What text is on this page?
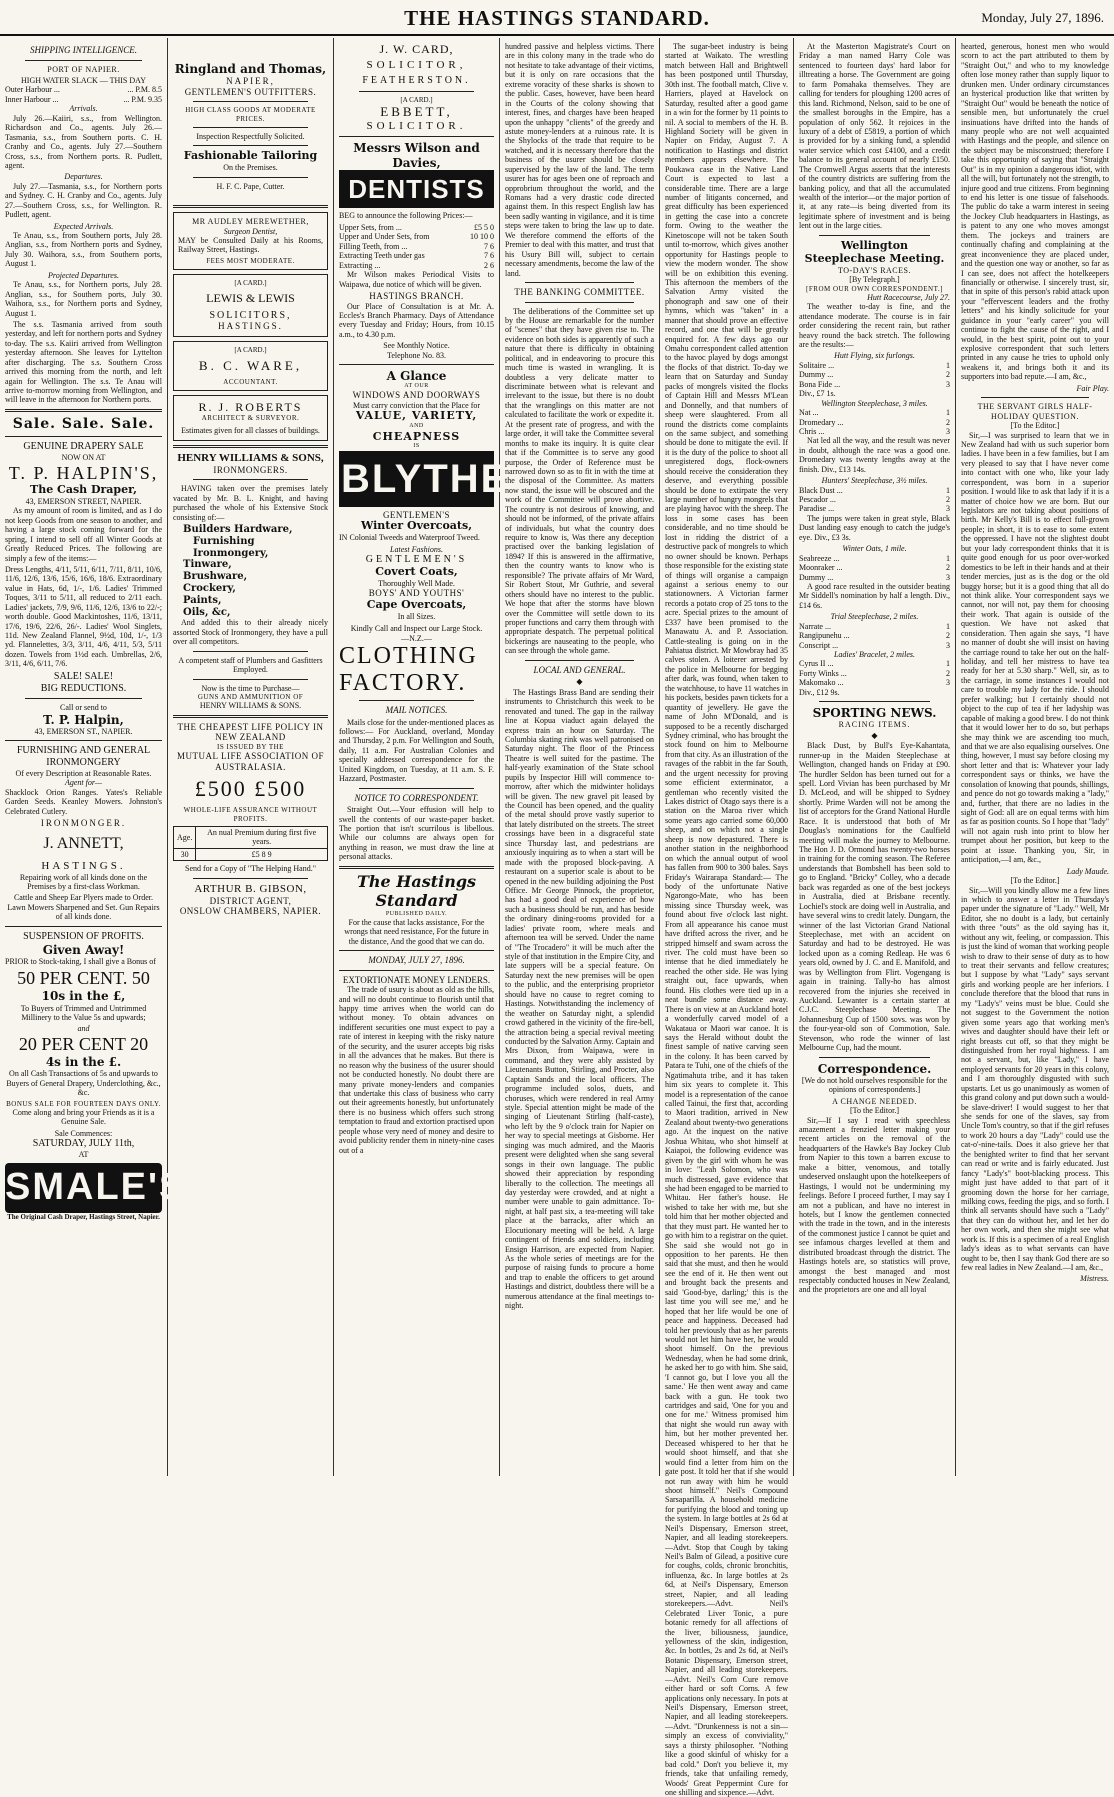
THE HASTINGS STANDARD.	Monday, July 27, 1896.
SHIPPING INTELLIGENCE.
PORT OF NAPIER.
HIGH WATER SLACK — THIS DAY
Outer Harbour ...	... P.M. 8.5
Inner Harbour ...	... P.M. 9.35
Arrivals.

July 26.—Kaiiri, s.s., from Wellington. Richardson and Co., agents. July 26.—Tasmania, s.s., from Southern ports. C. H. Cranby and Co., agents. July 27.—Southern Cross, s.s., from Northern ports. R. Pudlett, agent.

Departures.

July 27.—Tasmania, s.s., for Northern ports and Sydney. C. H. Cranby and Co., agents. July 27.—Southern Cross, s.s., for Wellington. R. Pudlett, agent.

Expected Arrivals.

Te Anau, s.s., from Southern ports, July 28. Anglian, s.s., from Northern ports and Sydney, July 30. Waihora, s.s., from Southern ports, August 1.

Projected Departures.

Te Anau, s.s., for Northern ports, July 28. Anglian, s.s., for Southern ports, July 30. Waihora, s.s., for Northern ports and Sydney, August 1.

The s.s. Tasmania arrived from south yesterday, and left for northern ports and Sydney to-day. The s.s. Kaiiri arrived from Wellington yesterday afternoon. She leaves for Lyttelton after discharging. The s.s. Southern Cross arrived this morning from the north, and left again for Wellington. The s.s. Te Anau will arrive to-morrow morning from Wellington, and will leave in the afternoon for Northern ports.

Sale. Sale. Sale.
GENUINE DRAPERY SALE
NOW ON AT
T. P. HALPIN'S,
The Cash Draper,
43, EMERSON STREET, NAPIER.

As my amount of room is limited, and as I do not keep Goods from one season to another, and having a large stock coming forward for the spring, I intend to sell off all Winter Goods at Greatly Reduced Prices. The following are simply a few of the items:—

Dress Lengths, 4/11, 5/11, 6/11, 7/11, 8/11, 10/6, 11/6, 12/6, 13/6, 15/6, 16/6, 18/6. Extraordinary value in Hats, 6d, 1/-, 1/6. Ladies' Trimmed Toques, 3/11 to 5/11, all reduced to 2/11 each. Ladies' jackets, 7/9, 9/6, 11/6, 12/6, 13/6 to 22/-; worth double. Good Mackintoshes, 11/6, 13/11, 17/6, 19/6, 22/6, 26/-. Ladies' Wool Singlets, 11d. New Zealand Flannel, 9½d, 10d, 1/-, 1/3 yd. Flannelettes, 3/3, 3/11, 4/6, 4/11, 5/3, 5/11 dozen. Towels from 1½d each. Umbrellas, 2/6, 3/11, 4/6, 6/11, 7/6.

SALE! SALE!
BIG REDUCTIONS.
Call or send to
T. P. Halpin,
43, EMERSON ST., NAPIER.
FURNISHING AND GENERAL IRONMONGERY
Of every Description at Reasonable Rates.
Agent for—

Shacklock Orion Ranges. Yates's Reliable Garden Seeds. Keanley Mowers. Johnston's Celebrated Cutlery.

IRONMONGER.
J. ANNETT,
HASTINGS.

Repairing work of all kinds done on the Premises by a first-class Workman.

Cattle and Sheep Ear Plyers made to Order. Lawn Mowers Sharpened and Set. Gun Repairs of all kinds done.

SUSPENSION OF PROFITS.
Given Away!

PRIOR to Stock-taking, I shall give a Bonus of

50 PER CENT. 50
10s in the £,

To Buyers of Trimmed and Untrimmed Millinery to the Value 5s and upwards;

and
20 PER CENT 20
4s in the £.

On all Cash Transactions of 5s and upwards to Buyers of General Drapery, Underclothing, &c., &c.

BONUS SALE FOR FOURTEEN DAYS ONLY.

Come along and bring your Friends as it is a Genuine Sale.

Sale Commences:
SATURDAY, JULY 11th,
AT
SMALE'S
The Original Cash Draper, Hastings Street, Napier.
Ringland and Thomas,
NAPIER,
GENTLEMEN'S OUTFITTERS.
HIGH CLASS GOODS AT MODERATE PRICES.
Inspection Respectfully Solicited.
Fashionable Tailoring
On the Premises.
H. F. C. Pape, Cutter.
MR AUDLEY MEREWETHER,
Surgeon Dentist,

MAY be Consulted Daily at his Rooms, Railway Street, Hastings.

FEES MOST MODERATE.
[A CARD.]
LEWIS & LEWIS
SOLICITORS,
HASTINGS.
[A CARD.]
B. C. WARE,
ACCOUNTANT.
R. J. ROBERTS
ARCHITECT & SURVEYOR.
Estimates given for all classes of buildings.
HENRY WILLIAMS & SONS,
IRONMONGERS.

HAVING taken over the premises lately vacated by Mr. B. L. Knight, and having purchased the whole of his Extensive Stock consisting of:—

Builders Hardware,
Furnishing Ironmongery,
Tinware,
Brushware,
Crockery,
Paints,
Oils, &c,

And added this to their already nicely assorted Stock of Ironmongery, they have a pull over all competitors.

A competent staff of Plumbers and Gasfitters Employed.

Now is the time to Purchase—
GUNS AND AMMUNITION OF
HENRY WILLIAMS & SONS.
THE CHEAPEST LIFE POLICY IN NEW ZEALAND
IS ISSUED BY THE
MUTUAL LIFE ASSOCIATION OF AUSTRALASIA.
£500 £500
WHOLE-LIFE ASSURANCE WITHOUT PROFITS.
Age.	An nual Premium during first five years.
30	£5 8 9
Send for a Copy of "The Helping Hand."
ARTHUR B. GIBSON,
DISTRICT AGENT,
ONSLOW CHAMBERS, NAPIER.
J. W. CARD,
SOLICITOR,
FEATHERSTON.
[A CARD.]
EBBETT,
SOLICITOR.
Messrs Wilson and Davies,
DENTISTS

BEG to announce the following Prices:—

Upper Sets, from ...	£5 5 0
Upper and Under Sets, from	10 10 0
Filling Teeth, from ...	7 6
Extracting Teeth under gas	7 6
Extracting ...	2 6

Mr Wilson makes Periodical Visits to Waipawa, due notice of which will be given.

HASTINGS BRANCH.

Our Place of Consultation is at Mr. A. Eccles's Branch Pharmacy. Days of Attendance every Tuesday and Friday; Hours, from 10.15 a.m., to 4.30 p.m.

See Monthly Notice.
Telephone No. 83.
A Glance
AT OUR
WINDOWS AND DOORWAYS
Must carry conviction that the Place for
VALUE, VARIETY,
AND
CHEAPNESS
IS
BLYTHES
GENTLEMEN'S
Winter Overcoats,

IN Colonial Tweeds and Waterproof Tweed.

Latest Fashions.
GENTLEMEN'S
Covert Coats,
Thoroughly Well Made.
BOYS' AND YOUTHS'
Cape Overcoats,
In all Sizes.
Kindly Call and Inspect our Large Stock.
—N.Z.—
CLOTHING FACTORY.
MAIL NOTICES.

Mails close for the under-mentioned places as follows:— For Auckland, overland, Monday and Thursday, 2 p.m. For Wellington and South, daily, 11 a.m. For Australian Colonies and specially addressed correspondence for the United Kingdom, on Tuesday, at 11 a.m. S. F. Hazzard, Postmaster.

NOTICE TO CORRESPONDENT.

Straight Out.—Your effusion will help to swell the contents of our waste-paper basket. The portion that isn't scurrilous is libellous. While our columns are always open for anything in reason, we must draw the line at personal attacks.

The Hastings Standard
PUBLISHED DAILY.

For the cause that lacks assistance, For the wrongs that need resistance, For the future in the distance, And the good that we can do.

MONDAY, JULY 27, 1896.
EXTORTIONATE MONEY LENDERS.

The trade of usury is about as old as the hills, and will no doubt continue to flourish until that happy time arrives when the world can do without money. To obtain advances on indifferent securities one must expect to pay a rate of interest in keeping with the risky nature of the security, and the usurer accepts big risks in all the advances that he makes. But there is no reason why the business of the usurer should not be conducted honestly. No doubt there are many private money-lenders and companies that undertake this class of business who carry out their agreements honestly, but unfortunately there is no business which offers such strong temptation to fraud and extortion practised upon people whose very need of money and desire to avoid publicity render them in ninety-nine cases out of a

hundred passive and helpless victims. There are in this colony many in the trade who do not hesitate to take advantage of their victims, but it is only on rare occasions that the extreme voracity of these sharks is shown to the public. Cases, however, have been heard in the Courts of the colony showing that interest, fines, and charges have been heaped upon the unhappy "clients" of the greedy and astute money-lenders at a ruinous rate. It is the Shylocks of the trade that require to be watched, and it is necessary therefore that the business of the usurer should be closely supervised by the law of the land. The term usurer has for ages been one of reproach and opprobrium throughout the world, and the Romans had a very drastic code directed against them. In this respect English law has been sadly wanting in vigilance, and it is time steps were taken to bring the law up to date. We therefore commend the efforts of the Premier to deal with this matter, and trust that his Usury Bill will, subject to certain necessary amendments, become the law of the land.

THE BANKING COMMITTEE.

The deliberations of the Committee set up by the House are remarkable for the number of "scenes" that they have given rise to. The evidence on both sides is apparently of such a nature that there is difficulty in obtaining political, and in endeavoring to procure this much time is wasted in wrangling. It is doubtless a very delicate matter to discriminate between what is relevant and irrelevant to the issue, but there is no doubt that the wranglings on this matter are not calculated to facilitate the work or expedite it. At the present rate of progress, and with the large order, it will take the Committee several months to make its inquiry. It is quite clear that if the Committee is to serve any good purpose, the Order of Reference must be narrowed down so as to fit in with the time at the disposal of the Committee. As matters now stand, the issue will be obscured and the work of the Committee will prove abortive. The country is not desirous of knowing, and should not be informed, of the private affairs of individuals, but what the country does require to know is, Was there any deception practised over the banking legislation of 1894? If this is answered in the affirmative, then the country wants to know who is responsible? The private affairs of Mr Ward, Sir Robert Stout, Mr Guthrie, and several others should have no interest to the public. We hope that after the storms have blown over the Committee will settle down to its proper functions and carry them through with appropriate despatch. The perpetual political bickerings are nauseating to the people, who can see through the whole game.

LOCAL AND GENERAL.
◆

The Hastings Brass Band are sending their instruments to Christchurch this week to be renovated and tuned. The gap in the railway line at Kopua viaduct again delayed the express train an hour on Saturday. The Columbia skating rink was well patronised on Saturday night. The floor of the Princess Theatre is well suited for the pastime. The half-yearly examination of the State school pupils by Inspector Hill will commence to-morrow, after which the midwinter holidays will be given. The new gravel pit leased by the Council has been opened, and the quality of the metal should prove vastly superior to that lately distributed on the streets. The street crossings have been in a disgraceful state since Thursday last, and pedestrians are anxiously inquiring as to when a start will be made with the proposed block-paving. A restaurant on a superior scale is about to be opened in the new building adjoining the Post Office. Mr George Pinnock, the proprietor, has had a good deal of experience of how such a business should be run, and has beside the ordinary dining-rooms provided for a ladies' private room, where meals and afternoon tea will be served. Under the name of "The Trocadero" it will be much after the style of that institution in the Empire City, and late suppers will be a special feature. On Saturday next the new premises will be open to the public, and the enterprising proprietor should have no cause to regret coming to Hastings. Notwithstanding the inclemency of the weather on Saturday night, a splendid crowd gathered in the vicinity of the fire-bell, the attraction being a special revival meeting conducted by the Salvation Army. Captain and Mrs Dixon, from Waipawa, were in command, and they were ably assisted by Lieutenants Button, Stirling, and Procter, also Captain Sands and the local officers. The programme included solos, duets, and choruses, which were rendered in real Army style. Special attention might be made of the singing of Lieutenant Stirling (half-caste), who left by the 9 o'clock train for Napier on her way to special meetings at Gisborne. Her singing was much admired, and the Maoris present were delighted when she sang several songs in their own language. The public showed their appreciation by responding liberally to the collection. The meetings all day yesterday were crowded, and at night a number were unable to gain admittance. To-night, at half past six, a tea-meeting will take place at the barracks, after which an Elocutionary meeting will be held. A large contingent of friends and soldiers, including Ensign Harrison, are expected from Napier. As the whole series of meetings are for the purpose of raising funds to procure a home and trap to enable the officers to get around Hastings and district, doubtless there will be a numerous attendance at the final meetings to-night.

The sugar-beet industry is being started at Waikato. The wrestling match between Hall and Brightwell has been postponed until Thursday, 30th inst. The football match, Clive v. Harriers, played at Havelock on Saturday, resulted after a good game in a win for the former by 11 points to nil. A social to members of the H. B. Highland Society will be given in Napier on Friday, August 7. A notification to Hastings and district members appears elsewhere. The Poukawa case in the Native Land Court is expected to last a considerable time. There are a large number of litigants concerned, and great difficulty has been experienced in getting the case into a concrete form. Owing to the weather the Kinetoscope will not be taken South until to-morrow, which gives another opportunity for Hastings people to view the modern wonder. The show will be on exhibition this evening. This afternoon the members of the Salvation Army visited the phonograph and saw one of their hymns, which was "taken" in a manner that should prove an effective record, and one that will be greatly enquired for. A few days ago our Omahu correspondent called attention to the havoc played by dogs amongst the flocks of that district. To-day we learn that on Saturday and Sunday packs of mongrels visited the flocks of Captain Hill and Messrs M'Lean and Donnelly, and that numbers of sheep were slaughtered. From all round the districts come complaints on the same subject, and something should be done to mitigate the evil. If it is the duty of the police to shoot all unregistered dogs, flock-owners should receive the consideration they deserve, and everything possible should be done to extirpate the very large number of hungry mongrels that are playing havoc with the sheep. The loss in some cases has been considerable, and no time should be lost in ridding the district of a destructive pack of mongrels to which no owner should be known. Perhaps those responsible for the existing state of things will organise a campaign against a serious enemy to our stationowners. A Victorian farmer records a potato crop of 25 tons to the acre. Special prizes to the amount of £337 have been promised to the Manawatu A. and P. Association. Cattle-stealing is going on in the Pahiatua district. Mr Mowbray had 35 calves stolen. A loiterer arrested by the police in Melbourne for begging after dark, was found, when taken to the watchhouse, to have 11 watches in his pockets, besides pawn tickets for a quantity of jewellery. He gave the name of John M'Donald, and is supposed to be a recently discharged Sydney criminal, who has brought the stock found on him to Melbourne from that city. As an illustration of the ravages of the rabbit in the far South, and the urgent necessity for proving some efficient exterminator, a gentleman who recently visited the Lakes district of Otago says there is a station on the Maroa river which some years ago carried some 60,000 sheep, and on which not a single sheep is now depastured. There is another station in the neighborhood on which the annual output of wool has fallen from 900 to 300 bales. Says Friday's Wairarapa Standard:— The body of the unfortunate Native Ngarongo-Mate, who has been missing since Thursday week, was found about five o'clock last night. From all appearance his canoe must have drifted across the river, and he stripped himself and swam across the river. The cold must have been so intense that he died immediately he reached the other side. He was lying straight out, face upwards, when found. His clothes were tied up in a neat bundle some distance away. There is on view at an Auckland hotel a wonderfully carved model of a Wakataua or Maori war canoe. It is says the Herald without doubt the finest sample of native carving seen in the colony. It has been carved by Patara te Tuhi, one of the chiefs of the Ngatimahuta tribe, and it has taken him six years to complete it. This model is a representation of the canoe called Tainui, the first that, according to Maori tradition, arrived in New Zealand about twenty-two generations ago. At the inquest on the native Joshua Whitau, who shot himself at Kaiapoi, the following evidence was given by the girl with whom he was in love: "Leah Solomon, who was much distressed, gave evidence that she had been engaged to be married to Whitau. Her father's house. He wished to take her with me, but she told him that her mother objected and that they must part. He wanted her to go with him to a registrar on the quiet. She said she would not go in opposition to her parents. He then said that she must, and then he would see the end of it. He then went out and brought back the presents and said 'Good-bye, darling;' this is the last time you will see me,' and he hoped that her life would be one of peace and happiness. Deceased had told her previously that as her parents would not let him have her, he would shoot himself. On the previous Wednesday, when he had some drink, he asked her to go with him. She said, 'I cannot go, but I love you all the same.' He then went away and came back with a gun. He took two cartridges and said, 'One for you and one for me.' Witness promised him that night she would run away with him, but her mother prevented her. Deceased whispered to her that he would shoot himself, and that she would find a letter from him on the gate post. It told her that if she would not run away with him he would shoot himself." Neil's Compound Sarsaparilla. A household medicine for purifying the blood and toning up the system. In large bottles at 2s 6d at Neil's Dispensary, Emerson street, Napier, and all leading storekeepers.—Advt. Stop that Cough by taking Neil's Balm of Gilead, a positive cure for coughs, colds, chronic bronchitis, influenza, &c. In large bottles at 2s 6d, at Neil's Dispensary, Emerson street, Napier, and all leading storekeepers.—Advt. Neil's Celebrated Liver Tonic, a pure botanic remedy for all affections of the liver, biliousness, jaundice, yellowness of the skin, indigestion, &c. In bottles, 2s and 2s 6d, at Neil's Botanic Dispensary, Emerson street, Napier, and all leading storekeepers.—Advt. Neil's Corn Cure remove either hard or soft Corns. A few applications only necessary. In pots at Neil's Dispensary, Emerson street, Napier, and all leading storekeepers.—Advt. "Drunkenness is not a sin—simply an excess of conviviality," says a thirsty philosopher. "Nothing like a good skinful of whisky for a bad cold." Don't you believe it, my friends, take that unfailing remedy, Woods' Great Peppermint Cure for one shilling and sixpence.—Advt.

At the Masterton Magistrate's Court on Friday a man named Harry Cole was sentenced to fourteen days' hard labor for illtreating a horse. The Government are going to farm Pomahaka themselves. They are calling for tenders for ploughing 1200 acres of this land. Richmond, Nelson, said to be one of the smallest boroughs in the Empire, has a population of only 562. It rejoices in the luxury of a debt of £5819, a portion of which is provided for by a sinking fund, a splendid water service which cost £4100, and a credit balance to its general account of nearly £150. The Cromwell Argus asserts that the interests of the country districts are suffering from the banking policy, and that all the accumulated wealth of the interior—or the major portion of it, at any rate—is being diverted from its legitimate sphere of investment and is being lent out in the large cities.

Wellington Steeplechase Meeting.
TO-DAY'S RACES.
[By Telegraph.]
[FROM OUR OWN CORRESPONDENT.]
Hutt Racecourse, July 27.

The weather to-day is fine, and the attendance moderate. The course is in fair order considering the recent rain, but rather heavy round the back stretch. The following are the results:—

Hutt Flying, six furlongs.
Solitaire ...	1
Dummy ...	2
Bona Fide ...	3
Div., £7 1s.
Wellington Steeplechase, 3 miles.
Nat ...	1
Dromedary ...	2
Chris ...	3

Nat led all the way, and the result was never in doubt, although the race was a good one. Dromedary was twenty lengths away at the finish. Div., £13 14s.

Hunters' Steeplechase, 3½ miles.
Black Dust ...	1
Pescador ...	2
Paradise ...	3

The jumps were taken in great style, Black Dust landing easy enough to catch the judge's eye. Div., £3 3s.

Winter Oats, 1 mile.
Seabreeze ...	1
Moonraker ...	2
Dummy ...	3

A good race resulted in the outsider beating Mr Siddell's nomination by half a length. Div., £14 6s.

Trial Steeplechase, 2 miles.
Narrate ...	1
Rangipunehu ...	2
Conscript ...	3
Ladies' Bracelet, 2 miles.
Cyrus II ...	1
Forty Winks ...	2
Makomako ...	3
Div., £12 9s.
SPORTING NEWS.
RACING ITEMS.
◆

Black Dust, by Bull's Eye-Kahantata, runner-up in the Maiden Steeplechase at Wellington, changed hands on Friday at £90. The hurdler Seldon has been turned out for a spell. Lord Vivian has been purchased by Mr D. McLeod, and will be shipped to Sydney shortly. Prime Warden will not be among the list of acceptors for the Grand National Hurdle Race. It is understood that both of Mr Douglas's nominations for the Caulfield meeting will make the journey to Melbourne. The Hon J. D. Ormond has twenty-two horses in training for the coming season. The Referee understands that Bombshell has been sold to go to England. "Bricky" Colley, who a decade back was regarded as one of the best jockeys in Australia, died at Brisbane recently. Lochiel's stock are doing well in Australia, and have several wins to credit lately. Dungarn, the winner of the last Victorian Grand National Steeplechase, met with an accident on Saturday and had to be destroyed. He was locked upon as a coming Redleap. He was 6 years old, owned by J. C. and E. Manifold, and was by Wellington from Flirt. Vogengang is again in training. Tally-ho has almost recovered from the injuries she received in Auckland. Lewanter is a certain starter at C.J.C. Steeplechase Meeting. The Johannesburg Cup of 1500 sovs. was won by the four-year-old son of Commotion, Sale. Stevenson, who rode the winner of last Melbourne Cup, had the mount.

Correspondence.

[We do not hold ourselves responsible for the opinions of correspondents.]

A CHANGE NEEDED.
[To the Editor.]

Sir,—If I say I read with speechless amazement a frenzied letter making your recent articles on the removal of the headquarters of the Hawke's Bay Jockey Club from Napier to this town a barren excuse to make a bitter, venomous, and totally undeserved onslaught upon the hotelkeepers of Hastings, I would not be undermining my feelings. Before I proceed further, I may say I am not a publican, and have no interest in hotels, but I know the gentlemen connected with the trade in the town, and in the interests of the commonest justice I cannot be quiet and see infamous charges levelled at them and distributed broadcast through the district. The Hastings hotels are, so statistics will prove, amongst the best managed and most respectably conducted houses in New Zealand, and the proprietors are one and all loyal

hearted, generous, honest men who would scorn to act the part attributed to them by "Straight Out," and who to my knowledge often lose money rather than supply liquor to drunken men. Under ordinary circumstances an hysterical production like that written by "Straight Out" would be beneath the notice of sensible men, but unfortunately the cruel insinuations have drifted into the hands of many people who are not well acquainted with Hastings and the people, and silence on the subject may be misconstrued; therefore I take this opportunity of saying that "Straight Out" is in my opinion a dangerous idiot, with all the will, but fortunately not the strength, to injure good and true citizens. From beginning to end his letter is one tissue of falsehoods. The public do take a warm interest in seeing the Jockey Club headquarters in Hastings, as is patent to any one who moves amongst them. The jockeys and trainers are continually chafing and complaining at the great inconvenience they are placed under, and the question one way or another, so far as I can see, does not affect the hotelkeepers financially or otherwise. I sincerely trust, sir, that in spite of this person's rabid attack upon your "effervescent leaders and the frothy letters" and his kindly solicitude for your guidance in your "early career" you will continue to fight the cause of the right, and I would, in the best spirit, point out to your explosive correspondent that such letters printed in any cause he tries to uphold only weakens it, and brings both it and its supporters into bad repute.—I am, &c.,

Fair Play.
THE SERVANT GIRLS HALF-HOLIDAY QUESTION.
[To the Editor.]

Sir,—I was surprised to learn that we in New Zealand had with us such superior born ladies. I have been in a few families, but I am very pleased to say that I have never come into contact with one who, like your lady correspondent, was born in a superior position. I would like to ask that lady if it is a matter of choice how we are born. But our legislators are not taking about positions of birth. Mr Kelly's Bill is to effect full-grown people; in short, it is to ease to some extent the oppressed. I have not the slightest doubt but your lady correspondent thinks that it is quite good enough for us poor over-worked domestics to be left in their hands and at their tender mercies, just as is the dog or the old buggy horse; but it is a good thing that all do not think alike. Your correspondent says we cannot, nor will not, pay them for choosing their work. That again is outside of the question. We have not asked that consideration. Then again she says, "I have no manner of doubt she will insist on having the carriage round to take her out on the half-holiday, and tell her mistress to have tea ready for her at 5.30 sharp." Well, sir, as to the carriage, in some instances I would not care to trouble my lady for the ride. I should prefer walking; but I certainly should not object to the cup of tea if her ladyship was capable of making a good brew. I do not think that it would lower her to do so, but perhaps she may think we are ascending too much, and that we are also equalising ourselves. One thing, however, I must say before closing my short letter and that is: Whatever your lady correspondent says or thinks, we have the consolation of knowing that pounds, shillings, and pence do not go towards making a "lady," and, further, that there are no ladies in the sight of God: all are on equal terms with him as far as position counts. So I hope that "lady" will not again rush into print to blow her trumpet about her position, but keep to the point at issue. Thanking you, Sir, in anticipation,—I am, &c.,

Lady Maude.
[To the Editor.]

Sir,—Will you kindly allow me a few lines in which to answer a letter in Thursday's paper under the signature of "Lady." Well, Mr Editor, she no doubt is a lady, but certainly with three "outs" as the old saying has it, without any wit, feeling, or compassion. This is just the kind of woman that working people wish to draw to their sense of duty as to how to treat their servants and fellow creatures; but I suppose by what "Lady" says servant girls and working people are her inferiors. I conclude therefore that the blood that runs in my "Lady's" veins must be blue. Could she not suggest to the Government the notion given some years ago that working men's wives and daughter should have their left or right breasts cut off, so that they might be distinguished from her royal highness. I am not a servant, but, like "Lady," I have employed servants for 20 years in this colony, and I am thoroughly disgusted with such upstarts. Let us go unanimously as women of this grand colony and put down such a would-be slave-driver! I would suggest to her that she sends for one of the slaves, say from Uncle Tom's country, so that if the girl refuses to work 20 hours a day "Lady" could use the cat-o'-nine-tails. Does it also grieve her that the benighted writer to find that her servant can read or write and is fairly educated. Just fancy "Lady's" boot-blacking process. This might just have added to that part of it grooming down the horse for her carriage, milking cows, feeding the pigs, and so forth. I think all servants should have such a "Lady" that they can do without her, and let her do her own work, and then she might see what work is. If this is a specimen of a real English lady's ideas as to what servants can have ought to be, then I say thank God there are so few real ladies in New Zealand.—I am, &c.,

Mistress.
